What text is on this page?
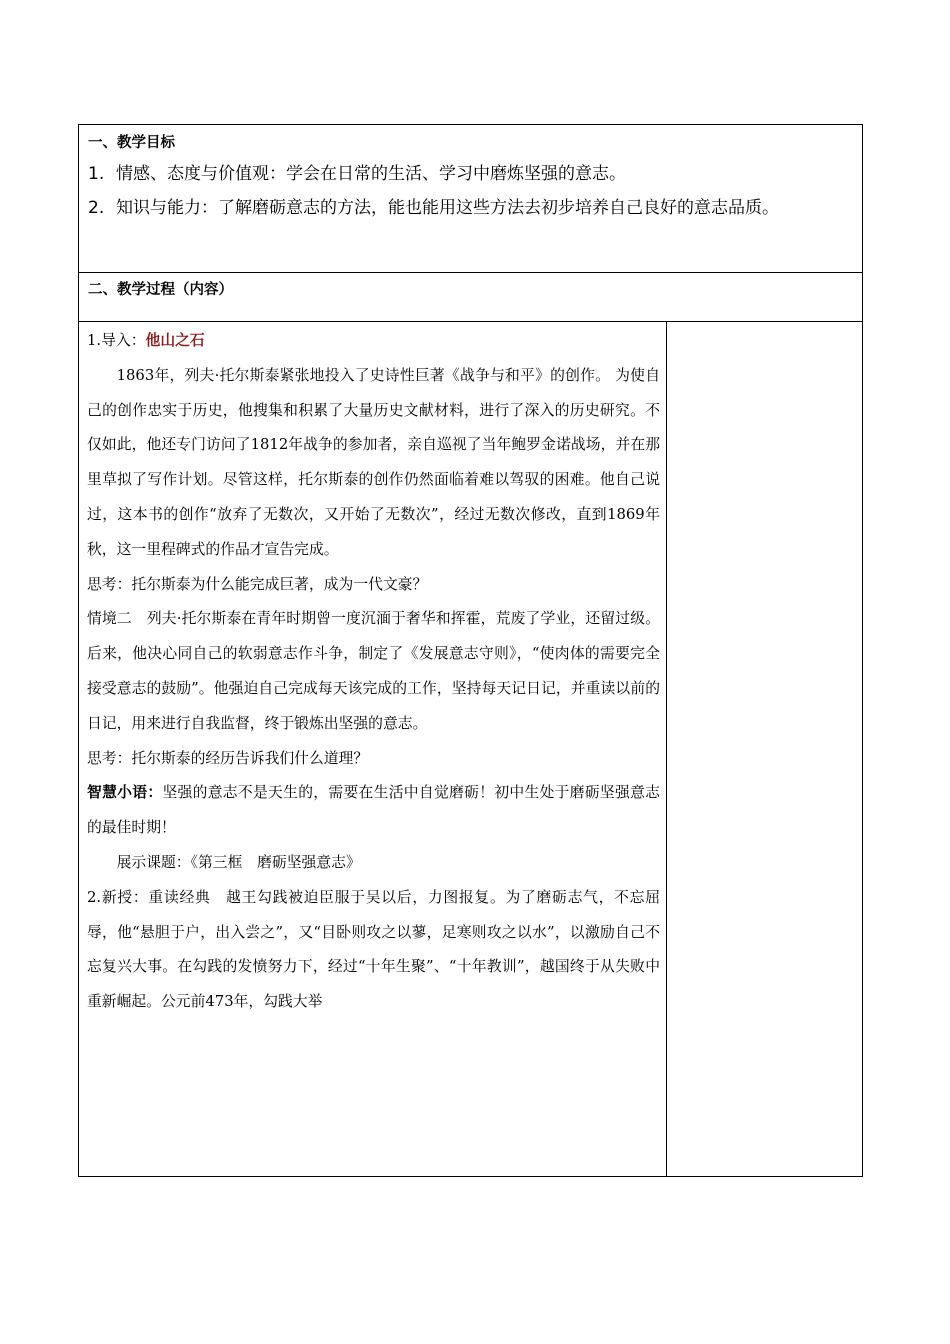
一、教学目标
1. 情感、态度与价值观：学会在日常的生活、学习中磨炼坚强的意志。
2. 知识与能力：了解磨砺意志的方法，能也能用这些方法去初步培养自己良好的意志品质。

二、教学过程（内容）

1.导入：他山之石

1863年，列夫·托尔斯泰紧张地投入了史诗性巨著《战争与和平》的创作。 为使自己的创作忠实于历史，他搜集和积累了大量历史文献材料，进行了深入的历史研究。不仅如此，他还专门访问了1812年战争的参加者，亲自巡视了当年鲍罗金诺战场，并在那里草拟了写作计划。尽管这样，托尔斯泰的创作仍然面临着难以驾驭的困难。他自己说过，这本书的创作“放弃了无数次，又开始了无数次”，经过无数次修改，直到1869年秋，这一里程碑式的作品才宣告完成。

思考：托尔斯泰为什么能完成巨著，成为一代文豪？

情境二　列夫·托尔斯泰在青年时期曾一度沉湎于奢华和挥霍，荒废了学业，还留过级。后来，他决心同自己的软弱意志作斗争，制定了《发展意志守则》，“使肉体的需要完全接受意志的鼓励”。他强迫自己完成每天该完成的工作，坚持每天记日记，并重读以前的日记，用来进行自我监督，终于锻炼出坚强的意志。

思考：托尔斯泰的经历告诉我们什么道理？

智慧小语：坚强的意志不是天生的，需要在生活中自觉磨砺！初中生处于磨砺坚强意志的最佳时期！

展示课题：《第三框　磨砺坚强意志》

2.新授：重读经典　越王勾践被迫臣服于吴以后，力图报复。为了磨砺志气，不忘屈辱，他“悬胆于户，出入尝之”，又“目卧则攻之以蓼，足寒则攻之以水”，以激励自己不忘复兴大事。在勾践的发愤努力下，经过“十年生聚”、“十年教训”，越国终于从失败中重新崛起。公元前473年，勾践大举
